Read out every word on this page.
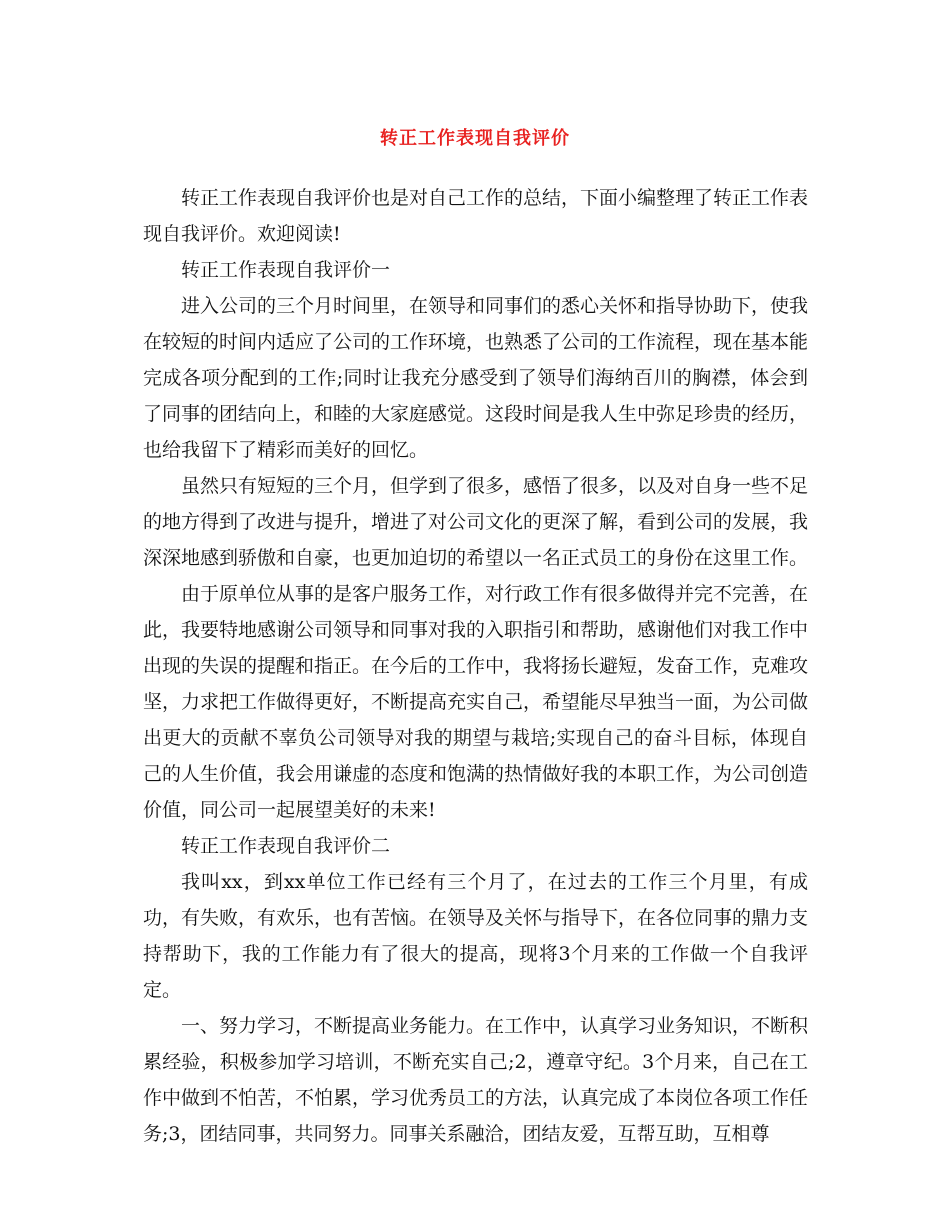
转正工作表现自我评价

转正工作表现自我评价也是对自己工作的总结，下面小编整理了转正工作表现自我评价。欢迎阅读!

转正工作表现自我评价一

进入公司的三个月时间里，在领导和同事们的悉心关怀和指导协助下，使我在较短的时间内适应了公司的工作环境，也熟悉了公司的工作流程，现在基本能完成各项分配到的工作;同时让我充分感受到了领导们海纳百川的胸襟，体会到了同事的团结向上，和睦的大家庭感觉。这段时间是我人生中弥足珍贵的经历，也给我留下了精彩而美好的回忆。

虽然只有短短的三个月，但学到了很多，感悟了很多，以及对自身一些不足的地方得到了改进与提升，增进了对公司文化的更深了解，看到公司的发展，我深深地感到骄傲和自豪，也更加迫切的希望以一名正式员工的身份在这里工作。

由于原单位从事的是客户服务工作，对行政工作有很多做得并完不完善，在此，我要特地感谢公司领导和同事对我的入职指引和帮助，感谢他们对我工作中出现的失误的提醒和指正。在今后的工作中，我将扬长避短，发奋工作，克难攻坚，力求把工作做得更好，不断提高充实自己，希望能尽早独当一面，为公司做出更大的贡献不辜负公司领导对我的期望与栽培;实现自己的奋斗目标，体现自己的人生价值，我会用谦虚的态度和饱满的热情做好我的本职工作，为公司创造价值，同公司一起展望美好的未来!

转正工作表现自我评价二

我叫xx，到xx单位工作已经有三个月了，在过去的工作三个月里，有成功，有失败，有欢乐，也有苦恼。在领导及关怀与指导下，在各位同事的鼎力支持帮助下，我的工作能力有了很大的提高，现将3个月来的工作做一个自我评定。

一、努力学习，不断提高业务能力。在工作中，认真学习业务知识，不断积累经验，积极参加学习培训，不断充实自己;2，遵章守纪。3个月来，自己在工作中做到不怕苦，不怕累，学习优秀员工的方法，认真完成了本岗位各项工作任务;3，团结同事，共同努力。同事关系融洽，团结友爱，互帮互助，互相尊
